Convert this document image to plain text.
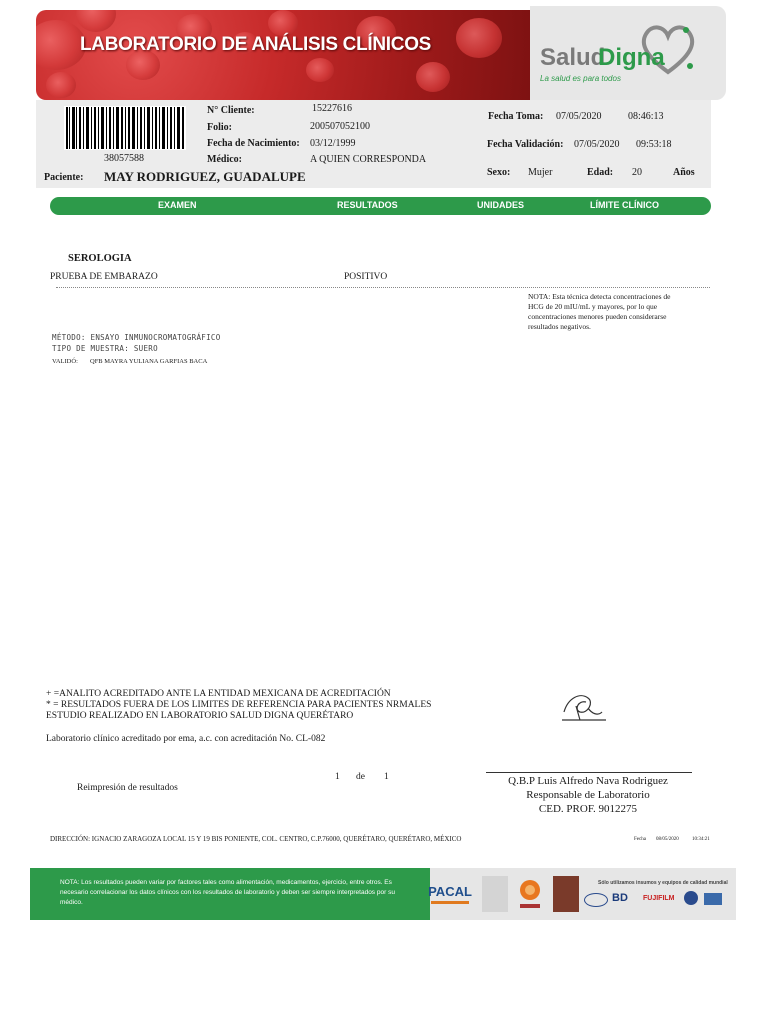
LABORATORIO DE ANÁLISIS CLÍNICOS	Salud
Digna
La salud es para todos
38057588
N° Cliente:	15227616
Folio:	200507052100
Fecha de Nacimiento: 03/12/1999
Médico:	A QUIEN CORRESPONDA
Paciente: MAY RODRIGUEZ, GUADALUPE
Fecha Toma: 07/05/2020	08:46:13
Fecha Validación: 07/05/2020 09:53:18
Sexo: Mujer	Edad: 20	Años
EXAMEN	RESULTADOS	UNIDADES	LÍMITE CLÍNICO
SEROLOGIA
PRUEBA DE EMBARAZO	POSITIVO
NOTA: Esta técnica detecta concentraciones de HCG de 20 mIU/mL y mayores, por lo que concentraciones menores pueden considerarse resultados negativos.
MÉTODO: ENSAYO INMUNOCROMATOGRÁFICO
TIPO DE MUESTRA: SUERO
VALIDÓ: QFB MAYRA YULIANA GARFIAS BACA
+ =ANALITO ACREDITADO ANTE LA ENTIDAD MEXICANA DE ACREDITACIÓN
* = RESULTADOS FUERA DE LOS LIMITES DE REFERENCIA PARA PACIENTES NRMALES
ESTUDIO REALIZADO EN LABORATORIO SALUD DIGNA QUERÉTARO
Laboratorio clínico acreditado por ema, a.c. con acreditación No. CL-082
Reimpresión de resultados
1 de 1	Q.B.P Luis Alfredo Nava Rodriguez
Responsable de Laboratorio
CED. PROF. 9012275
DIRECCIÓN: IGNACIO ZARAGOZA LOCAL 15 Y 19 BIS PONIENTE, COL. CENTRO, C.P.76000, QUERÉTARO, QUERÉTARO, MÉXICO	Fecha 08/05/2020	10:34:21
NOTA: Los resultados pueden variar por factores tales como alimentación, medicamentos, ejercicio, entre otros. Es necesario correlacionar los datos clínicos con los resultados de laboratorio y deben ser siempre interpretados por su médico.
PACAL
Sólo utilizamos insumos y equipos de calidad mundial
BD FUJIFILM
